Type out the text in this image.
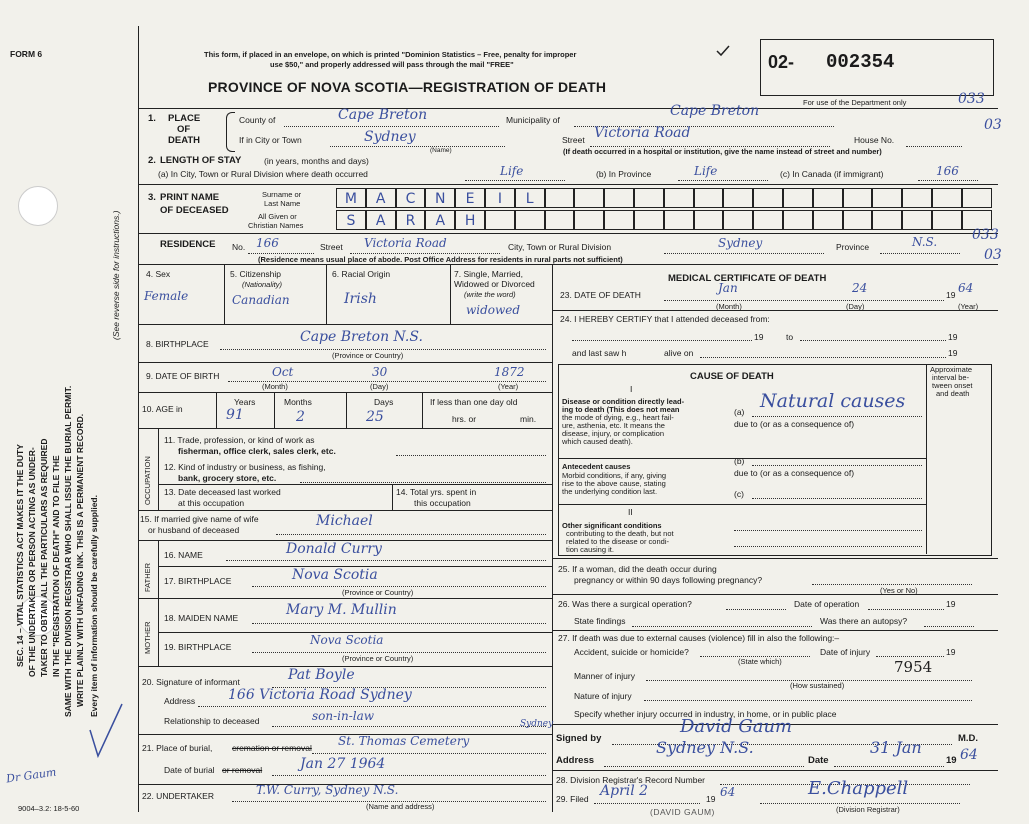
FORM 6
SEC. 14 – VITAL STATISTICS ACT MAKES IT THE DUTY OF THE UNDERTAKER OR PERSON ACTING AS UNDER- TAKER TO OBTAIN ALL THE PARTICULARS AS REQUIRED IN THE "REGISTRATION OF DEATH" AND TO FILE THE SAME WITH THE DIVISION REGISTRAR WHO SHALL ISSUE THE BURIAL PERMIT. WRITE PLAINLY WITH UNFADING INK. THIS IS A PERMANENT RECORD. Every item of information should be carefully supplied.
(See reverse side for instructions.)
Dr Gaum
9004–3.2: 18-5-60
This form, if placed in an envelope, on which is printed "Dominion Statistics – Free, penalty for improper
use $50," and properly addressed will pass through the mail "FREE"
PROVINCE OF NOVA SCOTIA—REGISTRATION OF DEATH
02- 002354
For use of the Department only	033
03
1. PLACE
OF
DEATH
County of	Cape Breton	Municipality of
Cape Breton
If in City or Town	Sydney
(Name)
Street Victoria Road	House No.
(If death occurred in a hospital or institution, give the name instead of street and number)
2. LENGTH OF STAY	(in years, months and days)
(a) In City, Town or Rural Division where death occurred	Life	(b) In Province	Life	(c) In Canada (if immigrant)	166
3. PRINT NAME
OF DECEASED
Surname or
Last Name
All Given or
Christian Names
M	A	C	N	E	I	L
S	A	R	A	H
RESIDENCE No. 166	Street Victoria Road	City, Town or Rural Division	Sydney	Province	N.S. 033
03
(Residence means usual place of abode. Post Office Address for residents in rural parts not sufficient)
4. Sex
Female
5. Citizenship
(Nationality)
Canadian
6. Racial Origin
Irish
7. Single, Married,
Widowed or Divorced
(write the word)
widowed
8. BIRTHPLACE	Cape Breton N.S.
(Province or Country)
9. DATE OF BIRTH	Oct	30	1872
(Month)	(Day)	(Year)
10. AGE in
Years
91
Months
2
Days
25
If less than one day old
hrs. or	min.
OCCUPATION
11. Trade, profession, or kind of work as
fisherman, office clerk, sales clerk, etc.
12. Kind of industry or business, as fishing,
bank, grocery store, etc.
13. Date deceased last worked
at this occupation
14. Total yrs. spent in
this occupation
15. If married give name of wife
or husband of deceased
Michael
FATHER
MOTHER
16. NAME	Donald Curry
17. BIRTHPLACE	Nova Scotia
(Province or Country)
18. MAIDEN NAME	Mary M. Mullin
19. BIRTHPLACE	Nova Scotia
(Province or Country)
20. Signature of informant	Pat Boyle
Address 166 Victoria Road Sydney
Relationship to deceased	son-in-law
Sydney
21. Place of burial, cremation or removal St. Thomas Cemetery
Date of burial or removal	Jan 27 1964
22. UNDERTAKER	T.W. Curry, Sydney N.S.
(Name and address)
MEDICAL CERTIFICATE OF DEATH
23. DATE OF DEATH	Jan	24	19 64
(Month)	(Day)	(Year)
24. I HEREBY CERTIFY that I attended deceased from:
19	to	19
and last saw h	alive on	19
CAUSE OF DEATH
Approximate
interval be-
tween onset
and death
I
Disease or condition directly lead-
ing to death (This does not mean
the mode of dying, e.g., heart fail-
ure, asthenia, etc. It means the
disease, injury, or complication
which caused death).
(a) Natural causes
due to (or as a consequence of)
Antecedent causes
Morbid conditions, if any, giving
rise to the above cause, stating
the underlying condition last.
(b)
due to (or as a consequence of)
(c)
II
Other significant conditions
contributing to the death, but not
related to the disease or condi-
tion causing it.
25. If a woman, did the death occur during
pregnancy or within 90 days following pregnancy?
(Yes or No)
26. Was there a surgical operation?	Date of operation	19
State findings	Was there an autopsy?
27. If death was due to external causes (violence) fill in also the following:–
Accident, suicide or homicide?	Date of injury	19
(State which)
Manner of injury	7954
(How sustained)
Nature of injury
Specify whether injury occurred in industry, in home, or in public place
Signed by
David Gaum
M.D.
Address
Sydney N.S.
Date
31 Jan
19 64
28. Division Registrar's Record Number
29. Filed April 2	19 64	E.Chappell
(Division Registrar)
(DAVID GAUM)
